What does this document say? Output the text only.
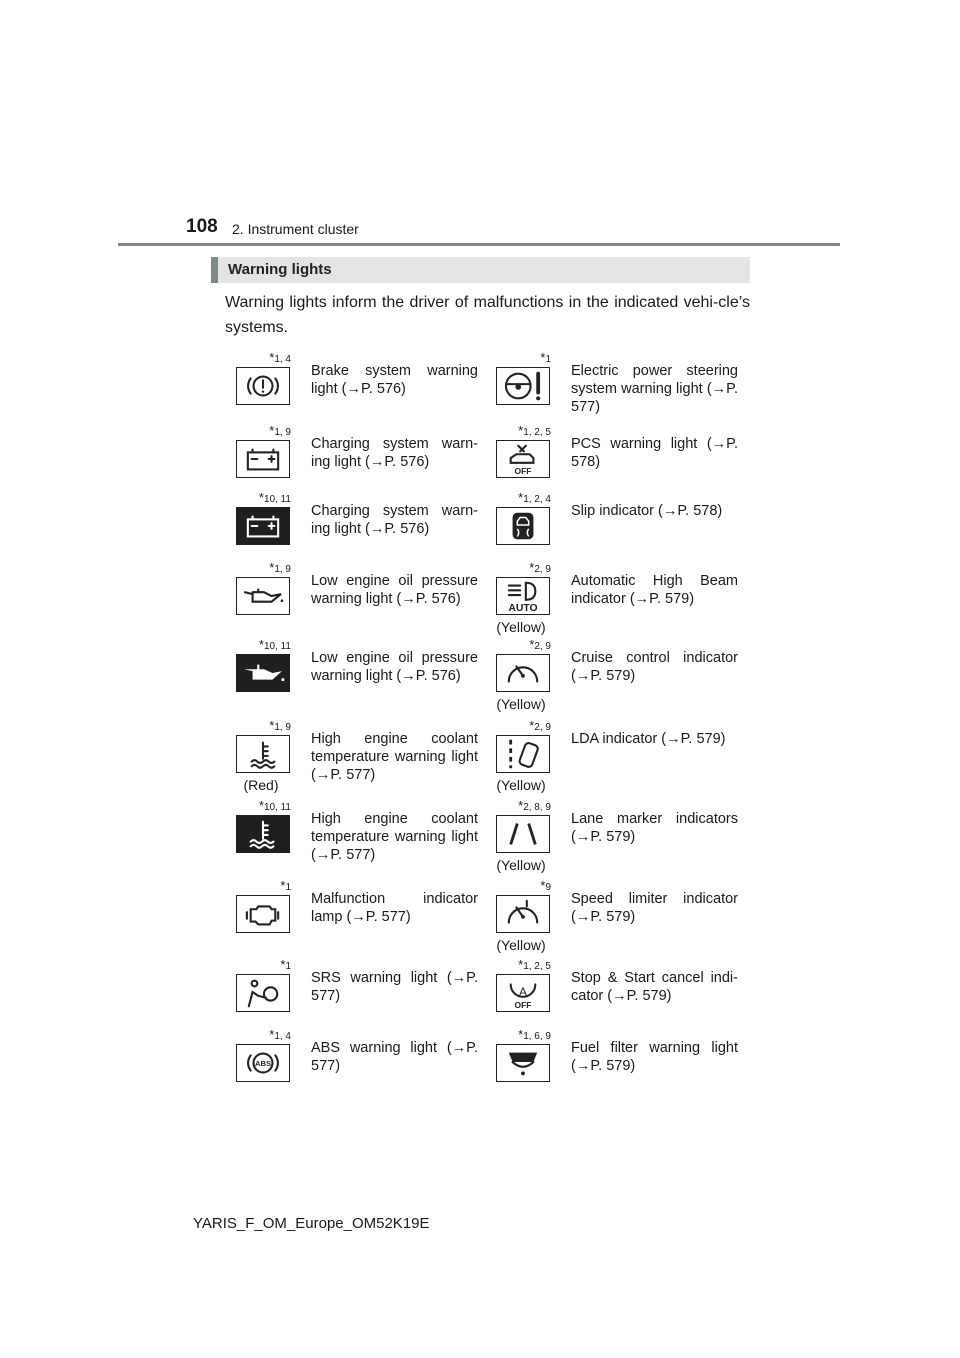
108 2. Instrument cluster
Warning lights
Warning lights inform the driver of malfunctions in the indicated vehi-cle’s systems.
*1, 4
Brake system warning light (→P. 576)
*1, 9
Charging system warn-ing light (→P. 576)
*10, 11
Charging system warn-ing light (→P. 576)
*1, 9
Low engine oil pressure warning light (→P. 576)
*10, 11
Low engine oil pressure warning light (→P. 576)
*1, 9
(Red)
High engine coolant temperature warning light (→P. 577)
*10, 11
High engine coolant temperature warning light (→P. 577)
*1
Malfunction indicator lamp (→P. 577)
*1
SRS warning light (→P. 577)
*1, 4
ABS
ABS warning light (→P. 577)
*1
Electric power steering system warning light (→P. 577)
*1, 2, 5
OFF
PCS warning light (→P. 578)
*1, 2, 4
Slip indicator (→P. 578)
*2, 9
AUTO
(Yellow)
Automatic High Beam indicator (→P. 579)
*2, 9
(Yellow)
Cruise control indicator (→P. 579)
*2, 9
(Yellow)
LDA indicator (→P. 579)
*2, 8, 9
(Yellow)
Lane marker indicators (→P. 579)
*9
(Yellow)
Speed limiter indicator (→P. 579)
*1, 2, 5
A
OFF
Stop & Start cancel indi-cator (→P. 579)
*1, 6, 9
Fuel filter warning light (→P. 579)
YARIS_F_OM_Europe_OM52K19E
